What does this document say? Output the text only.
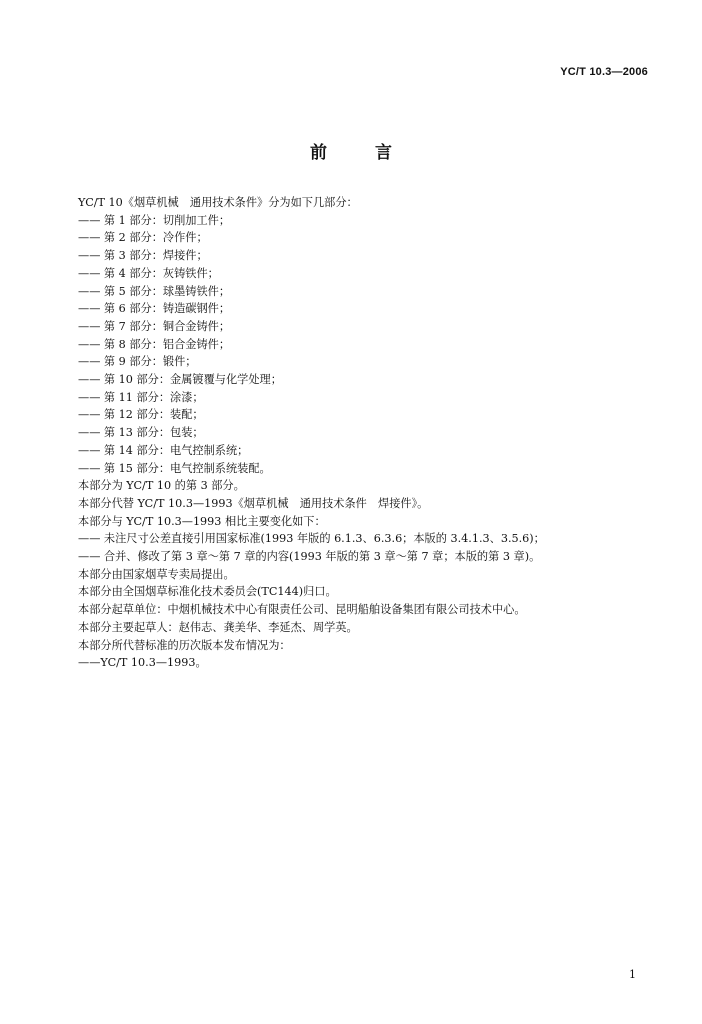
YC/T 10.3—2006
前	言
YC/T 10《烟草机械　通用技术条件》分为如下几部分：
—— 第 1 部分：切削加工件；
—— 第 2 部分：冷作件；
—— 第 3 部分：焊接件；
—— 第 4 部分：灰铸铁件；
—— 第 5 部分：球墨铸铁件；
—— 第 6 部分：铸造碳钢件；
—— 第 7 部分：铜合金铸件；
—— 第 8 部分：铝合金铸件；
—— 第 9 部分：锻件；
—— 第 10 部分：金属镀覆与化学处理；
—— 第 11 部分：涂漆；
—— 第 12 部分：装配；
—— 第 13 部分：包装；
—— 第 14 部分：电气控制系统；
—— 第 15 部分：电气控制系统装配。
本部分为 YC/T 10 的第 3 部分。
本部分代替 YC/T 10.3—1993《烟草机械　通用技术条件　焊接件》。
本部分与 YC/T 10.3—1993 相比主要变化如下：
—— 未注尺寸公差直接引用国家标准(1993 年版的 6.1.3、6.3.6；本版的 3.4.1.3、3.5.6)；
—— 合并、修改了第 3 章～第 7 章的内容(1993 年版的第 3 章～第 7 章；本版的第 3 章)。
本部分由国家烟草专卖局提出。
本部分由全国烟草标准化技术委员会(TC144)归口。
本部分起草单位：中烟机械技术中心有限责任公司、昆明船舶设备集团有限公司技术中心。
本部分主要起草人：赵伟志、龚美华、李延杰、周学英。
本部分所代替标准的历次版本发布情况为：
——YC/T 10.3—1993。
1
